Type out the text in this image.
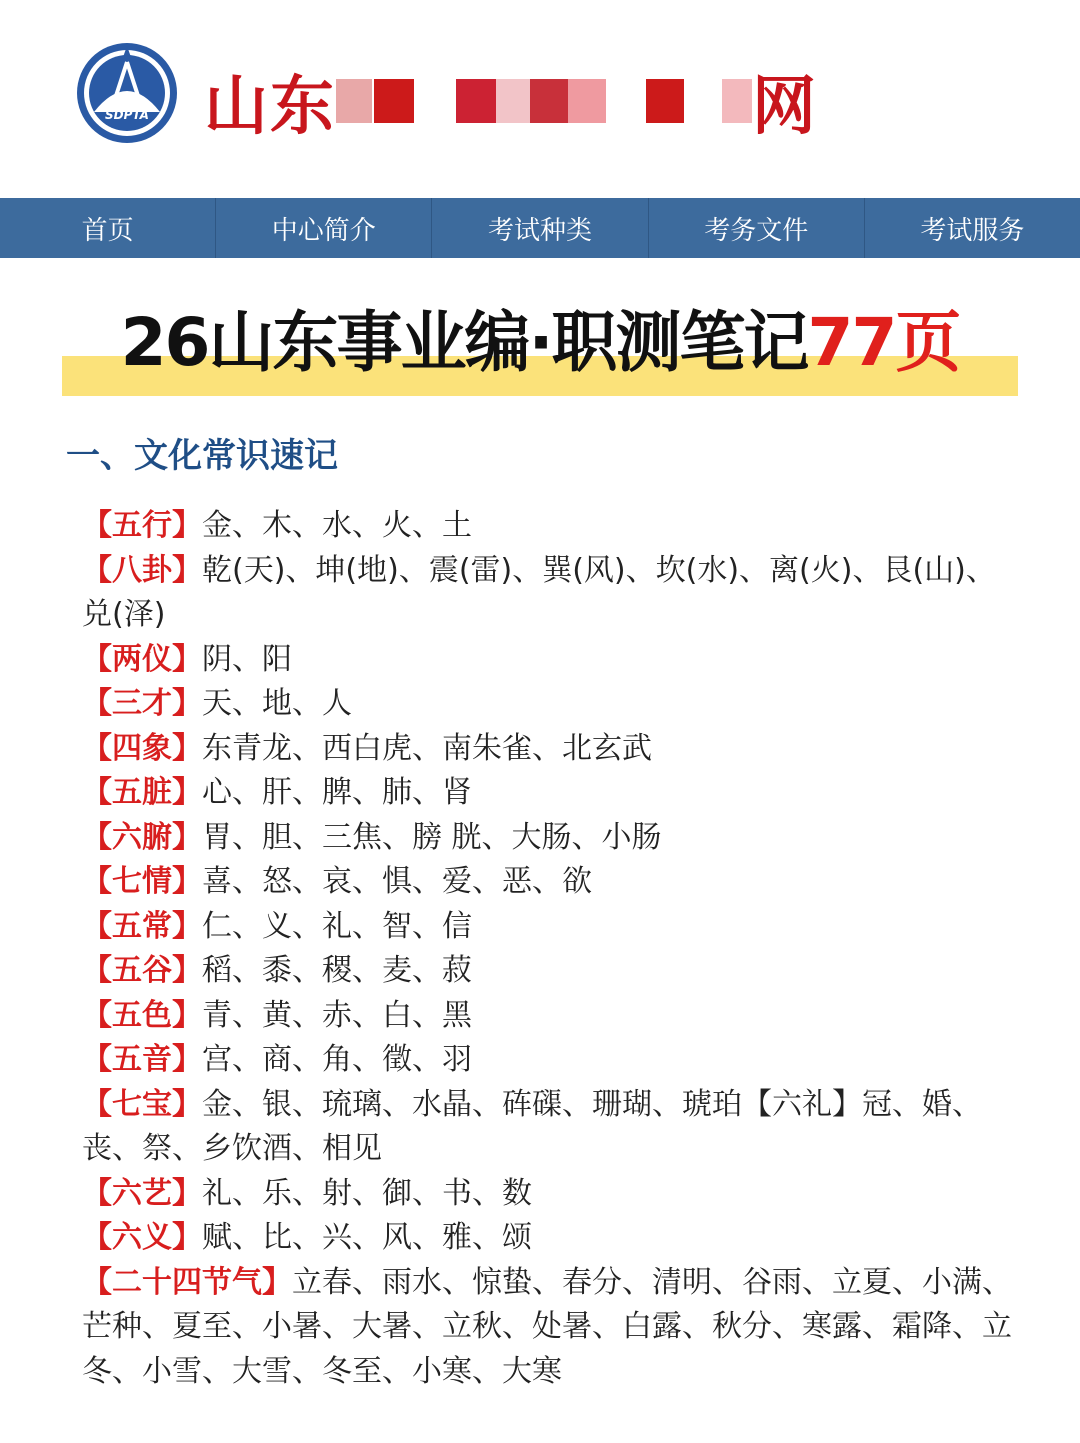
SDPTA 山东	网
首页	中心简介	考试种类	考务文件	考试服务
26山东事业编·职测笔记77页
一、文化常识速记
【五行】金、木、水、火、土
【八卦】乾(天)、坤(地)、震(雷)、巽(风)、坎(水)、离(火)、艮(山)、兑(泽)
【两仪】阴、阳
【三才】天、地、人
【四象】东青龙、西白虎、南朱雀、北玄武
【五脏】心、肝、脾、肺、肾
【六腑】胃、胆、三焦、膀 胱、大肠、小肠
【七情】喜、怒、哀、惧、爱、恶、欲
【五常】仁、义、礼、智、信
【五谷】稻、黍、稷、麦、菽
【五色】青、黄、赤、白、黑
【五音】宫、商、角、徵、羽
【七宝】金、银、琉璃、水晶、砗磲、珊瑚、琥珀【六礼】冠、婚、丧、祭、乡饮酒、相见
【六艺】礼、乐、射、御、书、数
【六义】赋、比、兴、风、雅、颂
【二十四节气】立春、雨水、惊蛰、春分、清明、谷雨、立夏、小满、芒种、夏至、小暑、大暑、立秋、处暑、白露、秋分、寒露、霜降、立冬、小雪、大雪、冬至、小寒、大寒
